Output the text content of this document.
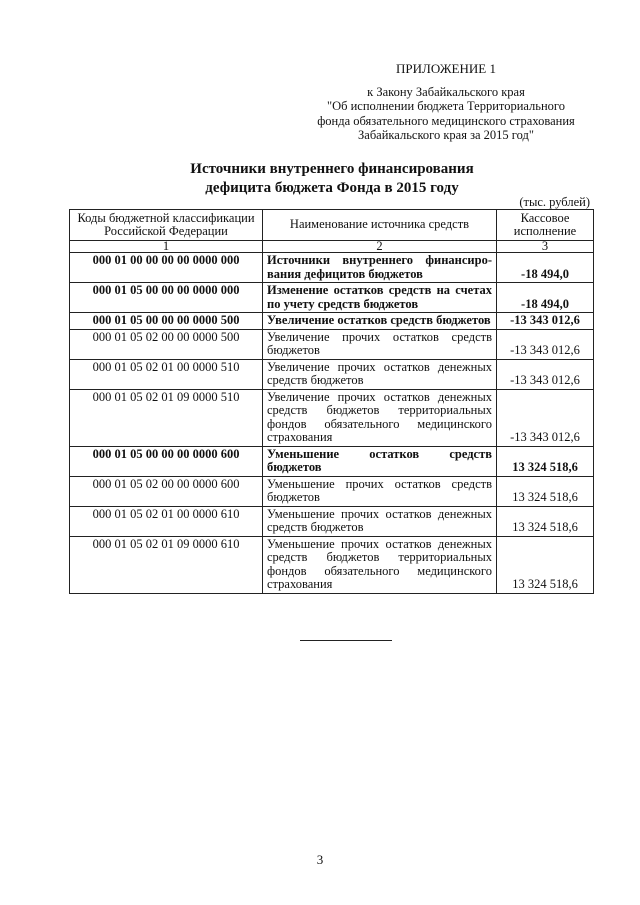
ПРИЛОЖЕНИЕ 1
к Закону Забайкальского края
"Об исполнении бюджета Территориального
фонда обязательного медицинского страхования
Забайкальского края за 2015 год"
Источники внутреннего финансирования
дефицита бюджета Фонда в 2015 году
(тыс. рублей)
Коды бюджетной классификации Российской Федерации	Наименование источника средств	Кассовое исполнение
1	2	3
000 01 00 00 00 00 0000 000	Источники внутреннего финансиро-вания дефицитов бюджетов	-18 494,0
000 01 05 00 00 00 0000 000	Изменение остатков средств на счетах по учету средств бюджетов	-18 494,0
000 01 05 00 00 00 0000 500	Увеличение остатков средств бюджетов	-13 343 012,6
000 01 05 02 00 00 0000 500	Увеличение прочих остатков средств бюджетов	-13 343 012,6
000 01 05 02 01 00 0000 510	Увеличение прочих остатков денежных средств бюджетов	-13 343 012,6
000 01 05 02 01 09 0000 510	Увеличение прочих остатков денежных средств бюджетов территориальных фондов обязательного медицинского страхования	-13 343 012,6
000 01 05 00 00 00 0000 600	Уменьшение остатков средств бюджетов	13 324 518,6
000 01 05 02 00 00 0000 600	Уменьшение прочих остатков средств бюджетов	13 324 518,6
000 01 05 02 01 00 0000 610	Уменьшение прочих остатков денежных средств бюджетов	13 324 518,6
000 01 05 02 01 09 0000 610	Уменьшение прочих остатков денежных средств бюджетов территориальных фондов обязательного медицинского страхования	13 324 518,6
3
